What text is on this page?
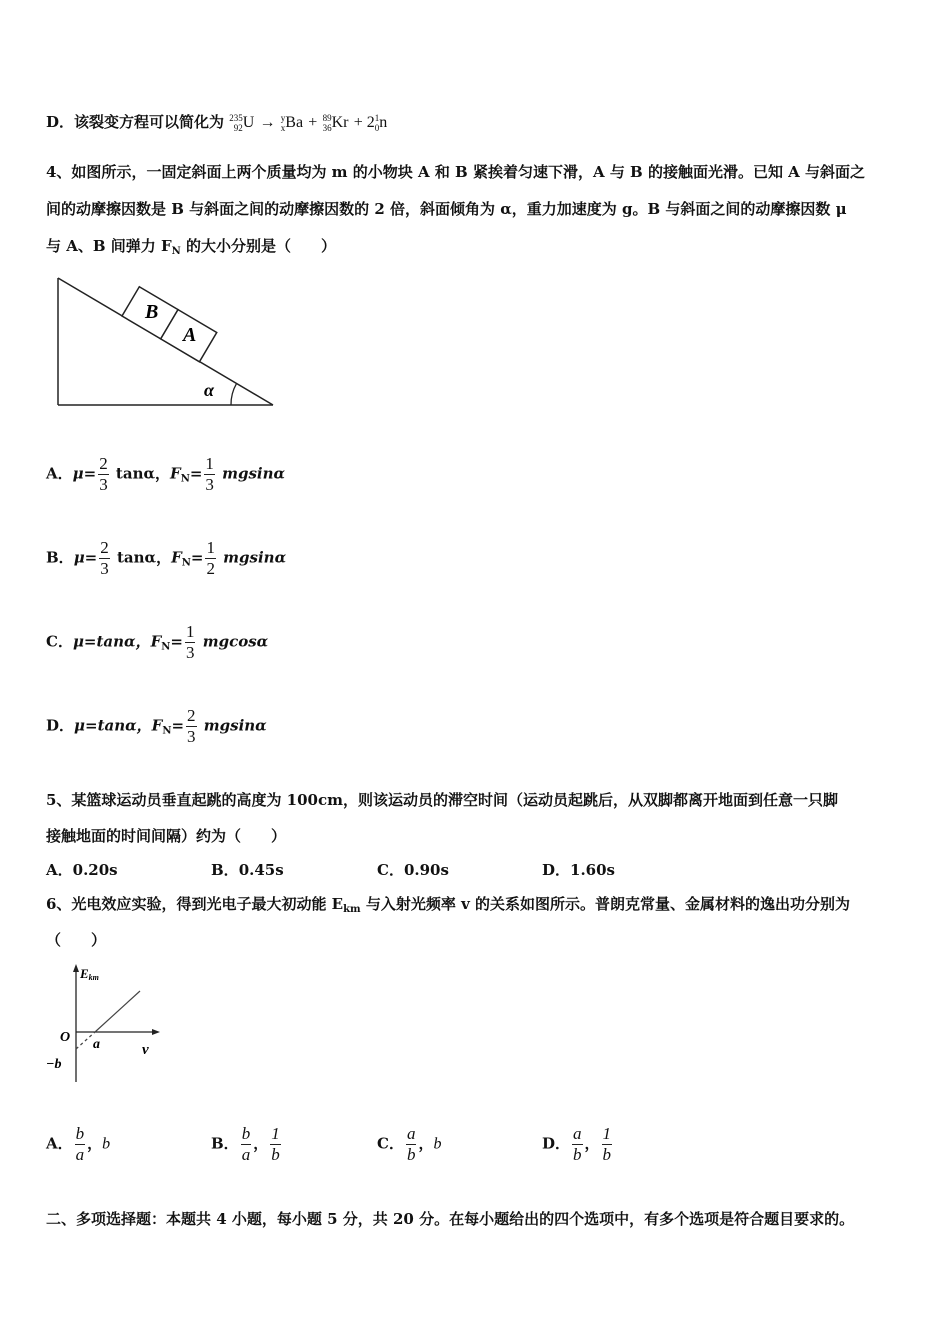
D．该裂变方程可以简化为 235
92 U → y
x Ba + 89
36 Kr + 2 1
0 n
4、如图所示，一固定斜面上两个质量均为 m 的小物块 A 和 B 紧挨着匀速下滑，A 与 B 的接触面光滑。已知 A 与斜面之
间的动摩擦因数是 B 与斜面之间的动摩擦因数的 2 倍，斜面倾角为 α，重力加速度为 g。B 与斜面之间的动摩擦因数 μ
与 A、B 间弹力 $F_N$ 的大小分别是（　　）
B
A
α
A．$\mu= \frac{2}{3}$ tanα，$F_N= \frac{1}{3}$ mgsinα
B．$\mu= \frac{2}{3}$ tanα，$F_N= \frac{1}{2}$ mgsinα
C．μ=tanα，$F_N= \frac{1}{3}$ mgcosα
D．μ=tanα，$F_N= \frac{2}{3}$ mgsinα
5、某篮球运动员垂直起跳的高度为 100cm，则该运动员的滞空时间（运动员起跳后，从双脚都离开地面到任意一只脚
接触地面的时间间隔）约为（　　）
A．0.20s	B．0.45s	C．0.90s	D．1.60s
6、光电效应实验，得到光电子最大初动能 $E_{km}$ 与入射光频率 v 的关系如图所示。普朗克常量、金属材料的逸出功分别为
（　　）
Ekm
O
v
a
−b
A． $\frac{b}{a}$ ，b	B． $\frac{b}{a}$ ， $\frac{1}{b}$	C． $\frac{a}{b}$ ，b	D． $\frac{a}{b}$ ， $\frac{1}{b}$
二、多项选择题：本题共 4 小题，每小题 5 分，共 20 分。在每小题给出的四个选项中，有多个选项是符合题目要求的。
